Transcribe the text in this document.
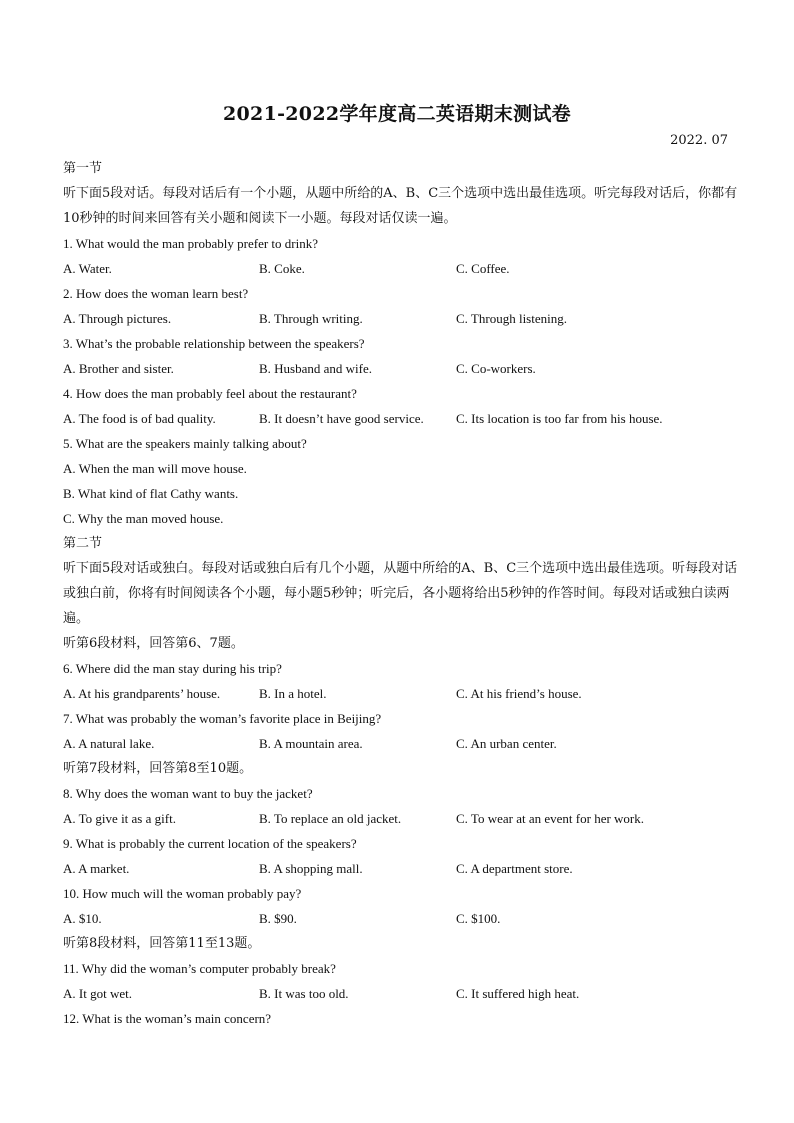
2021-2022学年度高二英语期末测试卷
2022. 07
第一节
听下面5段对话。每段对话后有一个小题，从题中所给的A、B、C三个选项中选出最佳选项。听完每段对话后，你都有10秒钟的时间来回答有关小题和阅读下一小题。每段对话仅读一遍。
1. What would the man probably prefer to drink?
A. Water.	B. Coke.	C. Coffee.
2. How does the woman learn best?
A. Through pictures.	B. Through writing.	C. Through listening.
3. What’s the probable relationship between the speakers?
A. Brother and sister.	B. Husband and wife.	C. Co-workers.
4. How does the man probably feel about the restaurant?
A. The food is of bad quality.	B. It doesn’t have good service. C. Its location is too far from his house.
5. What are the speakers mainly talking about?
A. When the man will move house.
B. What kind of flat Cathy wants.
C. Why the man moved house.
第二节
听下面5段对话或独白。每段对话或独白后有几个小题，从题中所给的A、B、C三个选项中选出最佳选项。听每段对话或独白前，你将有时间阅读各个小题，每小题5秒钟；听完后，各小题将给出5秒钟的作答时间。每段对话或独白读两遍。
听第6段材料，回答第6、7题。
6. Where did the man stay during his trip?
A. At his grandparents’ house.	B. In a hotel.	C. At his friend’s house.
7. What was probably the woman’s favorite place in Beijing?
A. A natural lake.	B. A mountain area.	C. An urban center.
听第7段材料，回答第8至10题。
8. Why does the woman want to buy the jacket?
A. To give it as a gift.	B. To replace an old jacket.	C. To wear at an event for her work.
9. What is probably the current location of the speakers?
A. A market.	B. A shopping mall.	C. A department store.
10. How much will the woman probably pay?
A. $10.	B. $90.	C. $100.
听第8段材料，回答第11至13题。
11. Why did the woman’s computer probably break?
A. It got wet.	B. It was too old.	C. It suffered high heat.
12. What is the woman’s main concern?
